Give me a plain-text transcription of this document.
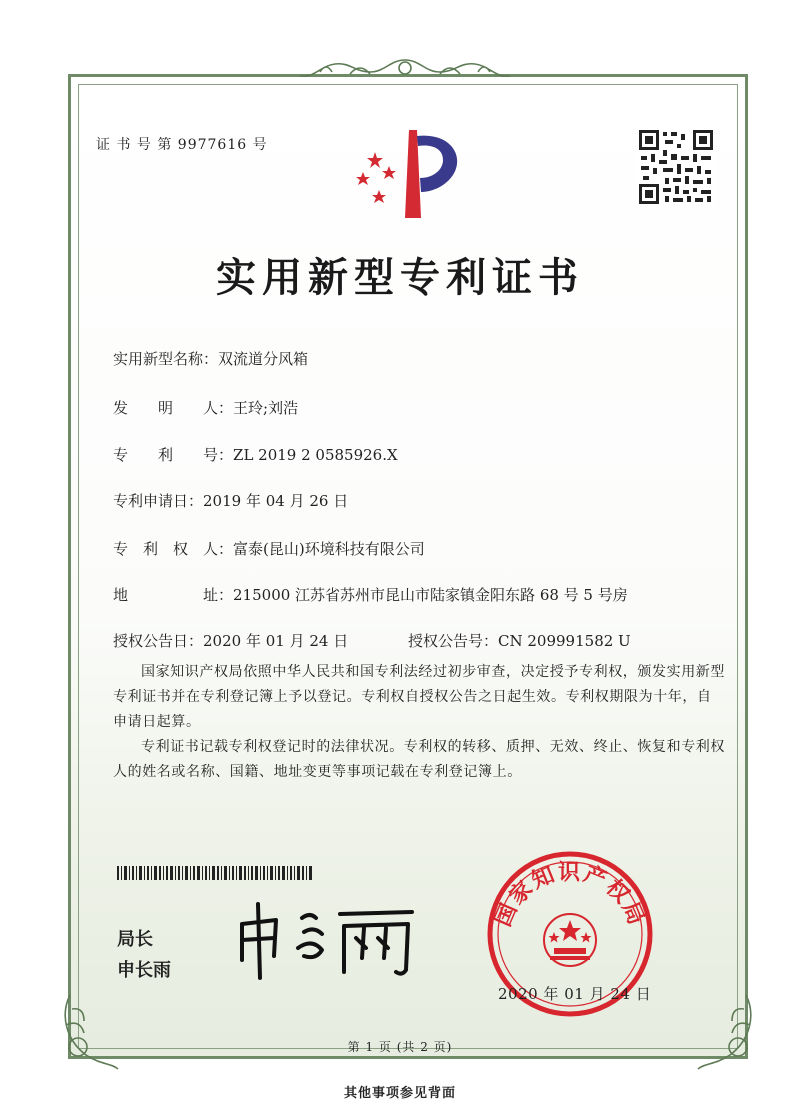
证 书 号 第 9977616 号
实用新型专利证书
实用新型名称：双流道分风箱
发　　明　　人：王玲;刘浩
专　　利　　号：ZL 2019 2 0585926.X
专利申请日：2019 年 04 月 26 日
专　利　权　人：富泰(昆山)环境科技有限公司
地　　　　　址：215000 江苏省苏州市昆山市陆家镇金阳东路 68 号 5 号房
授权公告日：2020 年 01 月 24 日	授权公告号：CN 209991582 U
国家知识产权局依照中华人民共和国专利法经过初步审查，决定授予专利权，颁发实用新型专利证书并在专利登记簿上予以登记。专利权自授权公告之日起生效。专利权期限为十年，自申请日起算。
专利证书记载专利权登记时的法律状况。专利权的转移、质押、无效、终止、恢复和专利权人的姓名或名称、国籍、地址变更等事项记载在专利登记簿上。
局长
申长雨
国家知识产权局
2020 年 01 月 24 日
第 1 页 (共 2 页)
其他事项参见背面
